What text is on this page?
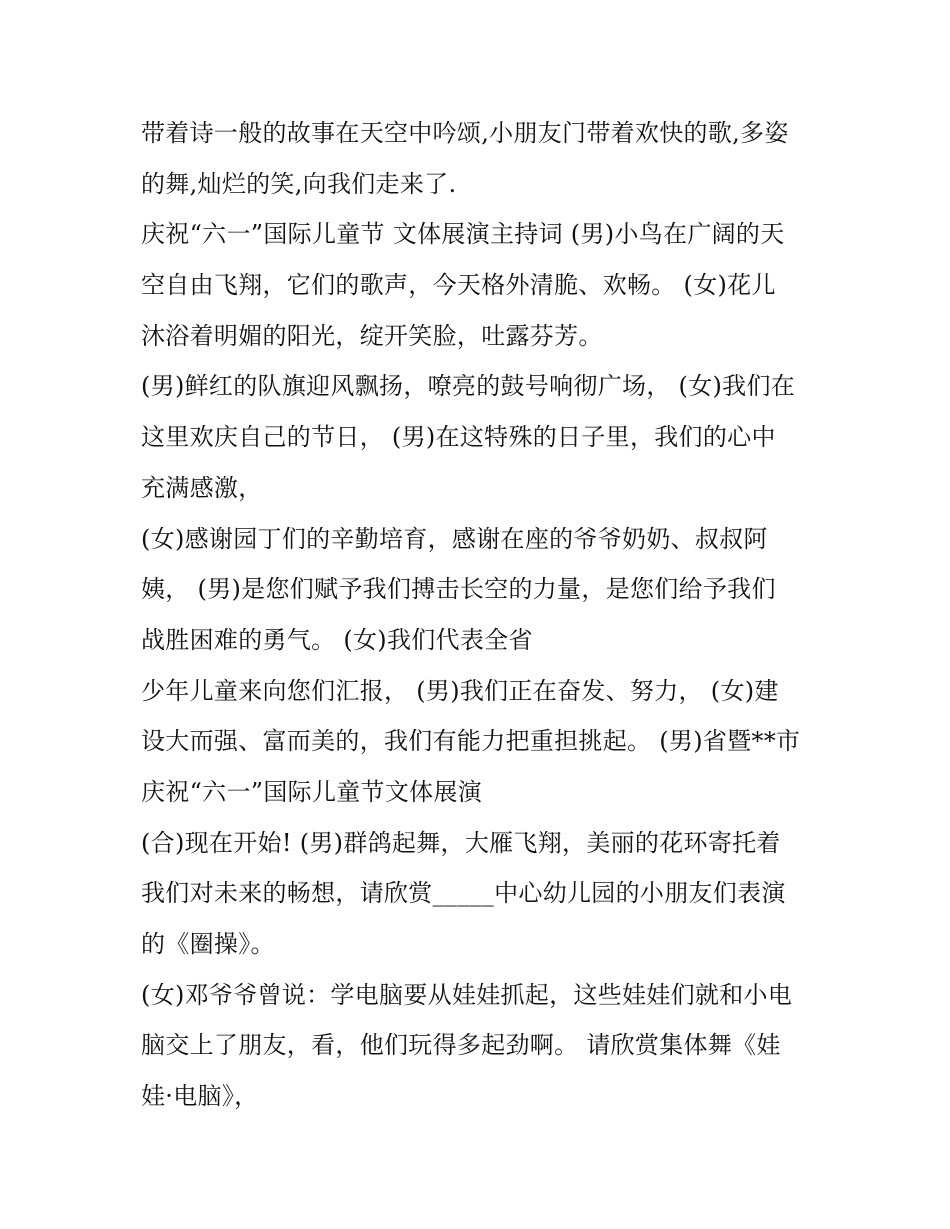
带着诗一般的故事在天空中吟颂,小朋友门带着欢快的歌,多姿
的舞,灿烂的笑,向我们走来了.
庆祝“六一”国际儿童节 文体展演主持词 (男)小鸟在广阔的天
空自由飞翔，它们的歌声，今天格外清脆、欢畅。 (女)花儿
沐浴着明媚的阳光，绽开笑脸，吐露芬芳。
(男)鲜红的队旗迎风飘扬，嘹亮的鼓号响彻广场， (女)我们在
这里欢庆自己的节日， (男)在这特殊的日子里，我们的心中
充满感激，
(女)感谢园丁们的辛勤培育，感谢在座的爷爷奶奶、叔叔阿
姨， (男)是您们赋予我们搏击长空的力量，是您们给予我们
战胜困难的勇气。 (女)我们代表全省
少年儿童来向您们汇报， (男)我们正在奋发、努力， (女)建
设大而强、富而美的，我们有能力把重担挑起。 (男)省暨**市
庆祝“六一”国际儿童节文体展演
(合)现在开始! (男)群鸽起舞，大雁飞翔，美丽的花环寄托着
我们对未来的畅想，请欣赏_____中心幼儿园的小朋友们表演
的《圈操》。
(女)邓爷爷曾说：学电脑要从娃娃抓起，这些娃娃们就和小电
脑交上了朋友，看，他们玩得多起劲啊。 请欣赏集体舞《娃
娃·电脑》，
